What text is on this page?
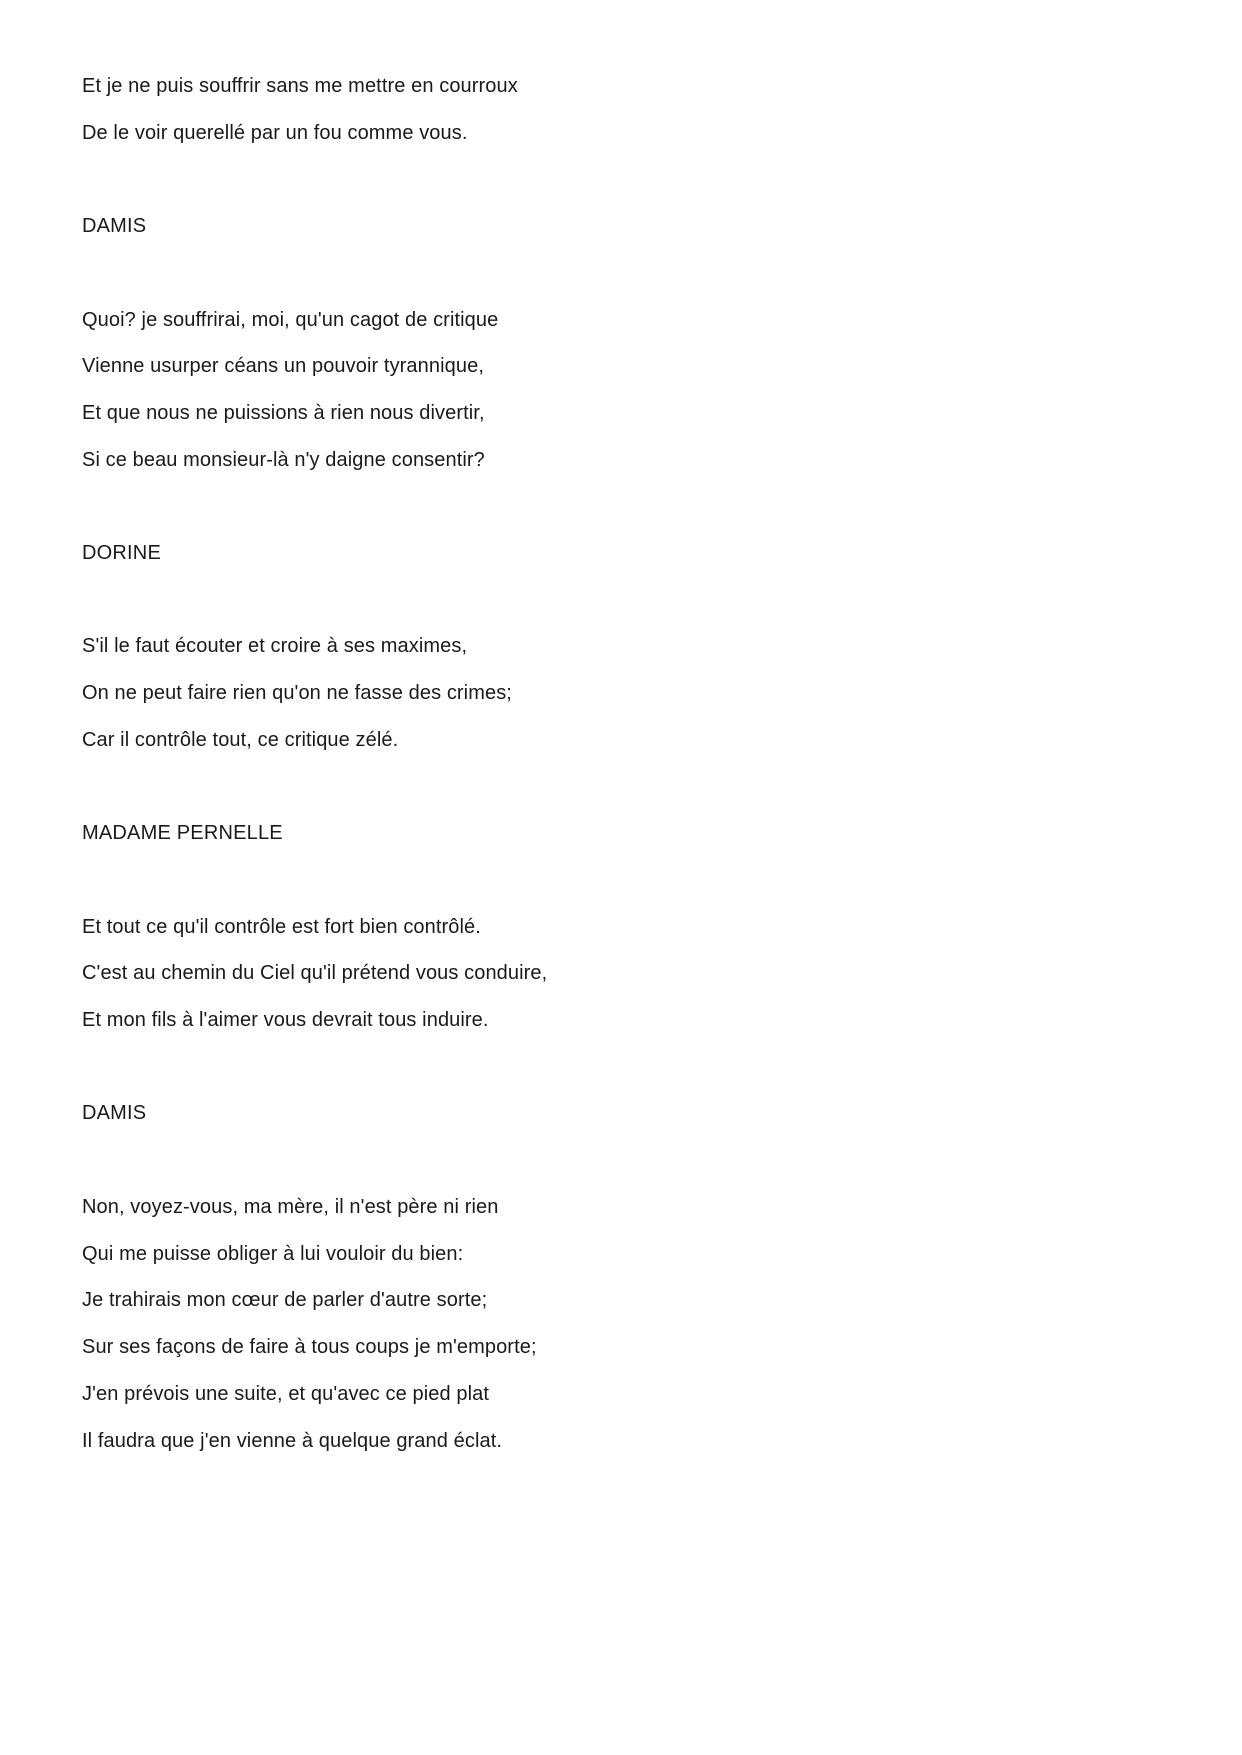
Et je ne puis souffrir sans me mettre en courroux
De le voir querellé par un fou comme vous.
DAMIS
Quoi? je souffrirai, moi, qu'un cagot de critique
Vienne usurper céans un pouvoir tyrannique,
Et que nous ne puissions à rien nous divertir,
Si ce beau monsieur-là n'y daigne consentir?
DORINE
S'il le faut écouter et croire à ses maximes,
On ne peut faire rien qu'on ne fasse des crimes;
Car il contrôle tout, ce critique zélé.
MADAME PERNELLE
Et tout ce qu'il contrôle est fort bien contrôlé.
C'est au chemin du Ciel qu'il prétend vous conduire,
Et mon fils à l'aimer vous devrait tous induire.
DAMIS
Non, voyez-vous, ma mère, il n'est père ni rien
Qui me puisse obliger à lui vouloir du bien:
Je trahirais mon cœur de parler d'autre sorte;
Sur ses façons de faire à tous coups je m'emporte;
J'en prévois une suite, et qu'avec ce pied plat
Il faudra que j'en vienne à quelque grand éclat.
